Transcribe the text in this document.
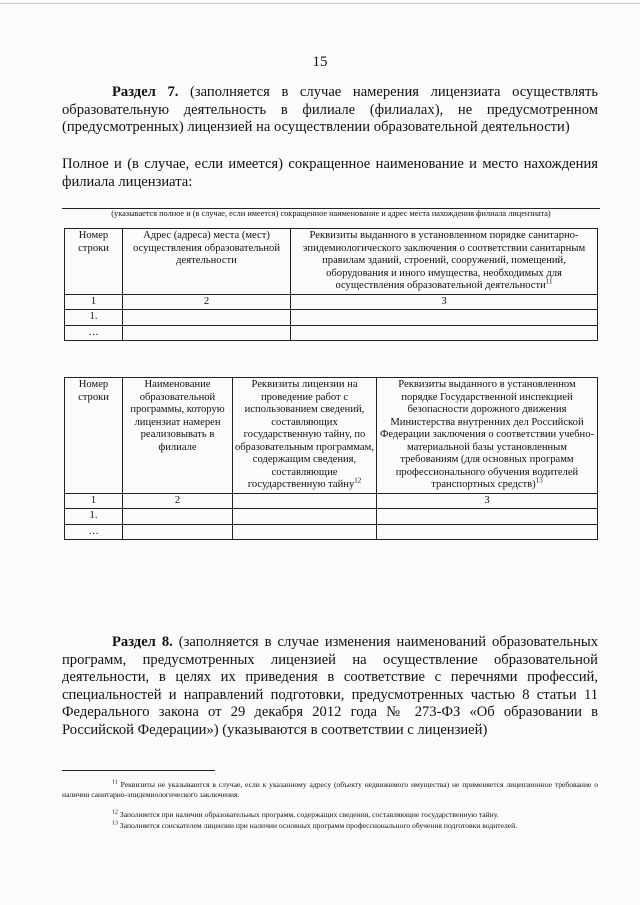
15
Раздел 7. (заполняется в случае намерения лицензиата осуществлять образовательную деятельность в филиале (филиалах), не предусмотренном (предусмотренных) лицензией на осуществлении образовательной деятельности)
Полное и (в случае, если имеется) сокращенное наименование и место нахождения филиала лицензиата:
(указывается полное и (в случае, если имеется) сокращенное наименование и адрес места нахождения филиала лицензиата)
Номер строки	Адрес (адреса) места (мест) осуществления образовательной деятельности	Реквизиты выданного в установленном порядке санитарно- эпидемиологического заключения о соответствии санитарным правилам зданий, строений, сооружений, помещений, оборудования и иного имущества, необходимых для осуществления образовательной деятельности$^{11}$
1	2	3
1.		
…		
Номер строки	Наименование образовательной программы, которую лицензиат намерен реализовывать в филиале	Реквизиты лицензии на проведение работ с использованием сведений, составляющих государственную тайну, по образовательным программам, содержащим сведения, составляющие государственную тайну$^{12}$	Реквизиты выданного в установленном порядке Государственной инспекцией безопасности дорожного движения Министерства внутренних дел Российской Федерации заключения о соответствии учебно-материальной базы установленным требованиям (для основных программ профессионального обучения водителей транспортных средств)$^{13}$
1	2		3
1.			
…			
Раздел 8. (заполняется в случае изменения наименований образовательных программ, предусмотренных лицензией на осуществление образовательной деятельности, в целях их приведения в соответствие с перечнями профессий, специальностей и направлений подготовки, предусмотренных частью 8 статьи 11 Федерального закона от 29 декабря 2012 года № 273-ФЗ «Об образовании в Российской Федерации») (указываются в соответствии с лицензией)
$^{11}$ Реквизиты не указываются в случае, если к указанному адресу (объекту недвижимого имущества) не применяется лицензионное требование о наличии санитарно-эпидемиологического заключения.
$^{12}$ Заполняется при наличии образовательных программ, содержащих сведения, составляющие государственную тайну.
$^{13}$ Заполняется соискателем лицензии при наличии основных программ профессионального обучения подготовки водителей.
